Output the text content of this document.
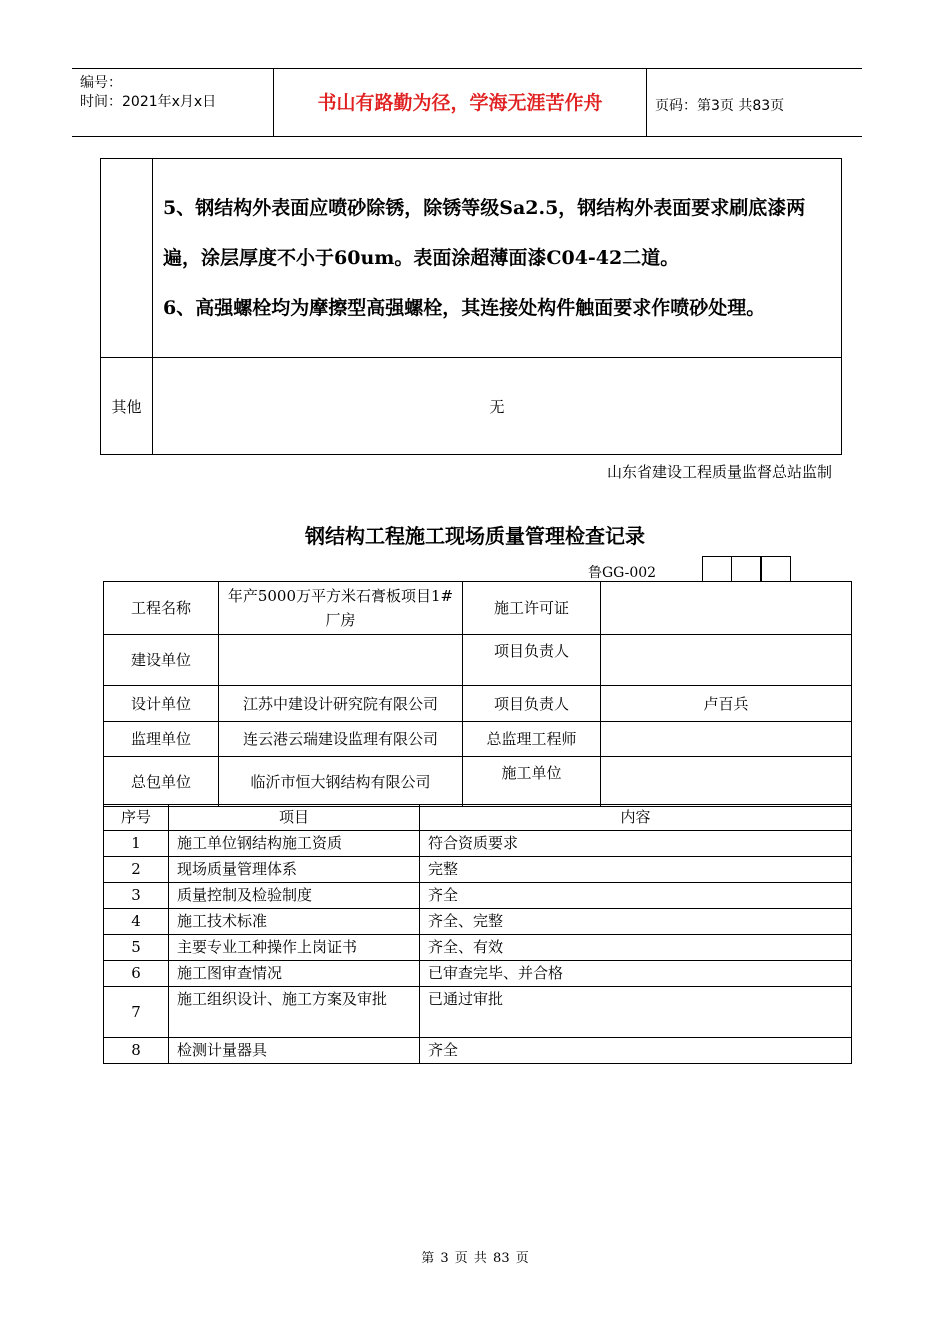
编号：
时间：2021年x月x日	书山有路勤为径，学海无涯苦作舟	页码：第3页 共83页

	5、钢结构外表面应喷砂除锈，除锈等级Sa2.5，钢结构外表面要求刷底漆两遍，涂层厚度不小于60um。表面涂超薄面漆C04-42二道。

6、高强螺栓均为摩擦型高强螺栓，其连接处构件触面要求作喷砂处理。

其他	无
山东省建设工程质量监督总站监制
钢结构工程施工现场质量管理检查记录
鲁GG-002
工程名称	年产5000万平方米石膏板项目1#厂房	施工许可证	
建设单位		项目负责人	
设计单位	江苏中建设计研究院有限公司	项目负责人	卢百兵
监理单位	连云港云瑞建设监理有限公司	总监理工程师	
总包单位	临沂市恒大钢结构有限公司	施工单位	
序号	项目	内容
1	施工单位钢结构施工资质	符合资质要求
2	现场质量管理体系	完整
3	质量控制及检验制度	齐全
4	施工技术标准	齐全、完整
5	主要专业工种操作上岗证书	齐全、有效
6	施工图审查情况	已审查完毕、并合格
7	施工组织设计、施工方案及审批	已通过审批
8	检测计量器具	齐全
第 3 页 共 83 页
